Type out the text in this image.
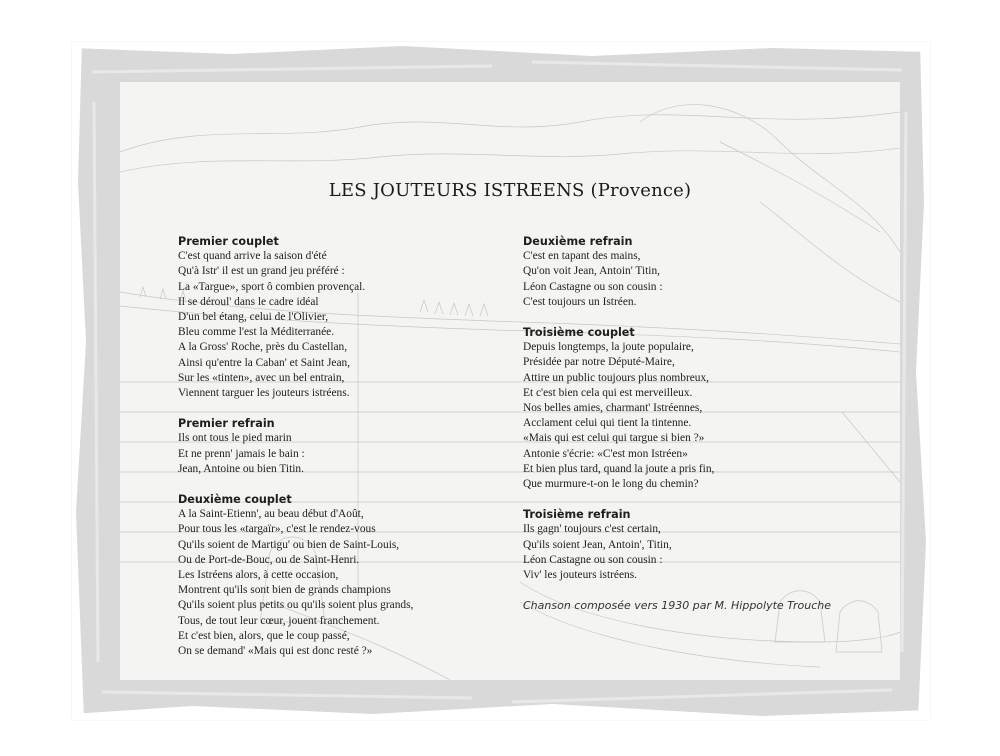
LES JOUTEURS ISTREENS (Provence)
Premier couplet
C'est quand arrive la saison d'été
Qu'à Istr' il est un grand jeu préféré :
La «Targue», sport ô combien provençal.
Il se déroul' dans le cadre idéal
D'un bel étang, celui de l'Olivier,
Bleu comme l'est la Méditerranée.
A la Gross' Roche, près du Castellan,
Ainsi qu'entre la Caban' et Saint Jean,
Sur les «tinten», avec un bel entrain,
Viennent targuer les jouteurs istréens.
Premier refrain
Ils ont tous le pied marin
Et ne prenn' jamais le bain :
Jean, Antoine ou bien Titin.
Deuxième couplet
A la Saint-Etienn', au beau début d'Août,
Pour tous les «targaïr», c'est le rendez-vous
Qu'ils soient de Martigu' ou bien de Saint-Louis,
Ou de Port-de-Bouc, ou de Saint-Henri.
Les Istréens alors, à cette occasion,
Montrent qu'ils sont bien de grands champions
Qu'ils soient plus petits ou qu'ils soient plus grands,
Tous, de tout leur cœur, jouent franchement.
Et c'est bien, alors, que le coup passé,
On se demand' «Mais qui est donc resté ?»
Deuxième refrain
C'est en tapant des mains,
Qu'on voit Jean, Antoin' Titin,
Léon Castagne ou son cousin :
C'est toujours un Istréen.
Troisième couplet
Depuis longtemps, la joute populaire,
Présidée par notre Député-Maire,
Attire un public toujours plus nombreux,
Et c'est bien cela qui est merveilleux.
Nos belles amies, charmant' Istréennes,
Acclament celui qui tient la tintenne.
«Mais qui est celui qui targue si bien ?»
Antonie s'écrie: «C'est mon Istréen»
Et bien plus tard, quand la joute a pris fin,
Que murmure-t-on le long du chemin?
Troisième refrain
Ils gagn' toujours c'est certain,
Qu'ils soient Jean, Antoin', Titin,
Léon Castagne ou son cousin :
Viv' les jouteurs istréens.
Chanson composée vers 1930 par M. Hippolyte Trouche
